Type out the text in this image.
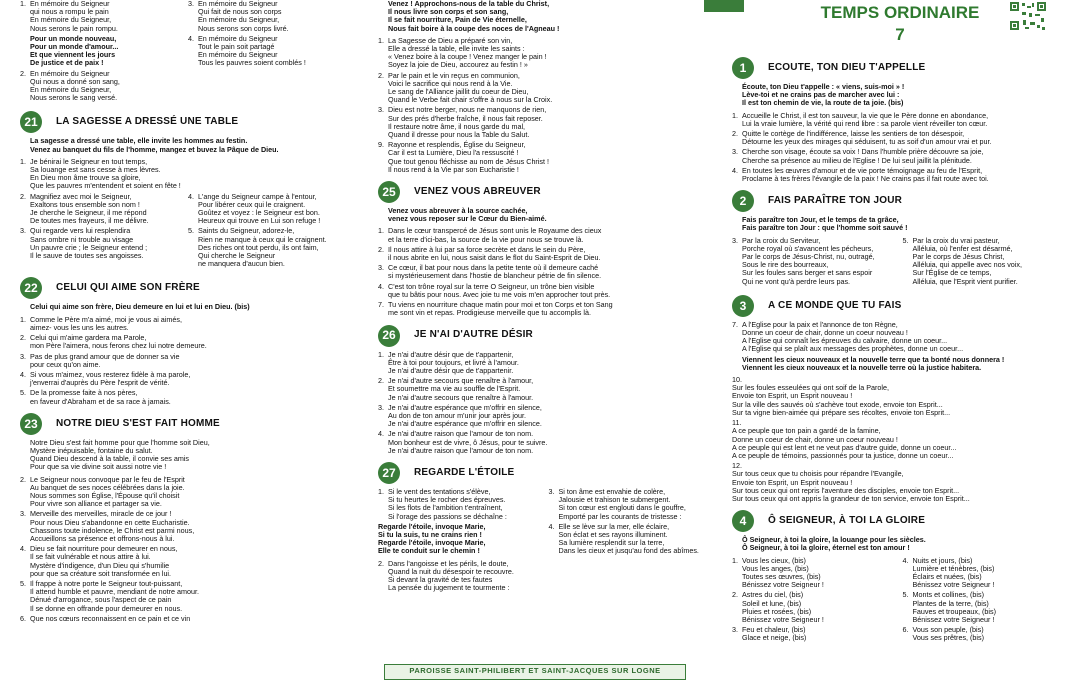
1. En mémoire du Seigneur
qui nous a rompu le pain
En mémoire du Seigneur,
Nous serons le pain rompu.
Pour un monde nouveau,
Pour un monde d'amour...
Et que viennent les jours
De justice et de paix !
2. En mémoire du Seigneur
Qui nous a donné son sang,
En mémoire du Seigneur,
Nous serons le sang versé.
3. En mémoire du Seigneur
Qui fait de nous son corps
En mémoire du Seigneur,
Nous serons son corps livré.
4. En mémoire du Seigneur
Tout le pain soit partagé
En mémoire du Seigneur
Tous les pauvres soient comblés !
21	LA SAGESSE A DRESSÉ UNE TABLE
La sagesse a dressé une table, elle invite les hommes au festin.
Venez au banquet du fils de l'homme, mangez et buvez la Pâque de Dieu.
1. Je bénirai le Seigneur en tout temps,
Sa louange est sans cesse à mes lèvres.
En Dieu mon âme trouve sa gloire,
Que les pauvres m'entendent et soient en fête !
2. Magnifiez avec moi le Seigneur,
Exaltons tous ensemble son nom !
Je cherche le Seigneur, il me répond
De toutes mes frayeurs, il me délivre.
3. Qui regarde vers lui resplendira
Sans ombre ni trouble au visage
Un pauvre crie ; le Seigneur entend ;
Il le sauve de toutes ses angoisses.
4. L'ange du Seigneur campe à l'entour,
Pour libérer ceux qui le craignent.
Goûtez et voyez : le Seigneur est bon.
Heureux qui trouve en Lui son refuge !
5. Saints du Seigneur, adorez-le,
Rien ne manque à ceux qui le craignent.
Des riches ont tout perdu, ils ont faim,
Qui cherche le Seigneur
ne manquera d'aucun bien.
22	CELUI QUI AIME SON FRÈRE
Celui qui aime son frère, Dieu demeure en lui et lui en Dieu. (bis)
1. Comme le Père m'a aimé, moi je vous ai aimés,
aimez- vous les uns les autres.
2. Celui qui m'aime gardera ma Parole,
mon Père l'aimera, nous ferons chez lui notre demeure.
3. Pas de plus grand amour que de donner sa vie
pour ceux qu'on aime.
4. Si vous m'aimez, vous resterez fidèle à ma parole,
j'enverrai d'auprès du Père l'esprit de vérité.
5. De la promesse faite à nos pères,
en faveur d'Abraham et de sa race à jamais.
23	NOTRE DIEU S'EST FAIT HOMME
Notre Dieu s'est fait homme pour que l'homme soit Dieu,
Mystère inépuisable, fontaine du salut.
Quand Dieu descend à la table, il convie ses amis
Pour que sa vie divine soit aussi notre vie !
2. Le Seigneur nous convoque par le feu de l'Esprit
Au banquet de ses noces célébrées dans la joie.
Nous sommes son Église, l'Épouse qu'il choisit
Pour vivre son alliance et partager sa vie.
3. Merveille des merveilles, miracle de ce jour !
Pour nous Dieu s'abandonne en cette Eucharistie.
Chassons toute indolence, le Christ est parmi nous,
Accueillons sa présence et offrons-nous à lui.
4. Dieu se fait nourriture pour demeurer en nous,
Il se fait vulnérable et nous attire à lui.
Mystère d'indigence, d'un Dieu qui s'humilie
pour que sa créature soit transformée en lui.
5. Il frappe à notre porte le Seigneur tout-puissant,
Il attend humble et pauvre, mendiant de notre amour.
Dénué d'arrogance, sous l'aspect de ce pain
Il se donne en offrande pour demeurer en nous.
6. Que nos cœurs reconnaissent en ce pain et ce vin
Venez ! Approchons-nous de la table du Christ,
Il nous livre son corps et son sang,
Il se fait nourriture, Pain de Vie éternelle,
Nous fait boire à la coupe des noces de l'Agneau !
1. La Sagesse de Dieu a préparé son vin,
Elle a dressé la table, elle invite les saints :
« Venez boire à la coupe ! Venez manger le pain !
Soyez la joie de Dieu, accourez au festin ! »
2. Par le pain et le vin reçus en communion,
Voici le sacrifice qui nous rend à la Vie.
Le sang de l'Alliance jaillit du coeur de Dieu,
Quand le Verbe fait chair s'offre à nous sur la Croix.
3. Dieu est notre berger, nous ne manquons de rien,
Sur des prés d'herbe fraîche, il nous fait reposer.
Il restaure notre âme, il nous garde du mal,
Quand il dresse pour nous la Table du Salut.
9. Rayonne et resplendis, Église du Seigneur,
Car il est ta Lumière, Dieu l'a ressuscité !
Que tout genou fléchisse au nom de Jésus Christ !
Il nous rend à la Vie par son Eucharistie !
25	VENEZ VOUS ABREUVER
Venez vous abreuver à la source cachée,
venez vous reposer sur le Cœur du Bien-aimé.
1. Dans le cœur transpercé de Jésus sont unis le Royaume des cieux
et la terre d'ici-bas, la source de la vie pour nous se trouve là.
2. Il nous attire à lui par sa force secrète et dans le sein du Père,
il nous abrite en lui, nous saisit dans le flot du Saint-Esprit de Dieu.
3. Ce cœur, il bat pour nous dans la petite tente où il demeure caché
si mystérieusement dans l'hostie de blancheur pétrie de fin silence.
4. C'est ton trône royal sur la terre O Seigneur, un trône bien visible
que tu bâtis pour nous. Avec joie tu me vois m'en approcher tout près.
7. Tu viens en nourriture chaque matin pour moi et ton Corps et ton Sang
me sont vin et repas. Prodigieuse merveille que tu accomplis là.
26	JE N'AI D'AUTRE DÉSIR
1. Je n'ai d'autre désir que de t'appartenir,
Être à toi pour toujours, et livré à l'amour.
Je n'ai d'autre désir que de t'appartenir.
2. Je n'ai d'autre secours que renaître à l'amour,
Et soumettre ma vie au souffle de l'Esprit.
Je n'ai d'autre secours que renaître à l'amour.
3. Je n'ai d'autre espérance que m'offrir en silence,
Au don de ton amour m'unir jour après jour.
Je n'ai d'autre espérance que m'offrir en silence.
4. Je n'ai d'autre raison que l'amour de ton nom.
Mon bonheur est de vivre, ô Jésus, pour te suivre.
Je n'ai d'autre raison que l'amour de ton nom.
27	REGARDE L'ÉTOILE
1. Si le vent des tentations s'élève,
Si tu heurtes le rocher des épreuves.
Si les flots de l'ambition t'entraînent,
Si l'orage des passions se déchaîne :
Regarde l'étoile, invoque Marie,
Si tu la suis, tu ne crains rien !
Regarde l'étoile, invoque Marie,
Elle te conduit sur le chemin !
2. Dans l'angoisse et les périls, le doute,
Quand la nuit du désespoir te recouvre.
Si devant la gravité de tes fautes
La pensée du jugement te tourmente :
3. Si ton âme est envahie de colère,
Jalousie et trahison te submergent.
Si ton cœur est englouti dans le gouffre,
Emporté par les courants de tristesse :
4. Elle se lève sur la mer, elle éclaire,
Son éclat et ses rayons illuminent.
Sa lumière resplendit sur la terre,
Dans les cieux et jusqu'au fond des abîmes.
PAROISSE SAINT-PHILIBERT ET SAINT-JACQUES SUR LOGNE
TEMPS ORDINAIRE
7
1	ECOUTE, TON DIEU T'APPELLE
Écoute, ton Dieu t'appelle : « viens, suis-moi » !
Lève-toi et ne crains pas de marcher avec lui :
Il est ton chemin de vie, la route de ta joie. (bis)
1. Accueille le Christ, il est ton sauveur, la vie que le Père donne en abondance,
Lui la vraie lumière, la vérité qui rend libre : sa parole vient réveiller ton cœur.
2. Quitte le cortège de l'indifférence, laisse les sentiers de ton désespoir,
Détourne les yeux des mirages qui séduisent, tu as soif d'un amour vrai et pur.
3. Cherche son visage, écoute sa voix ! Dans l'humble prière découvre sa joie,
Cherche sa présence au milieu de l'Eglise ! De lui seul jaillit la plénitude.
4. En toutes les œuvres d'amour et de vie porte témoignage au feu de l'Esprit,
Proclame à tes frères l'évangile de la paix ! Ne crains pas il fait route avec toi.
2	FAIS PARAÎTRE TON JOUR
Fais paraître ton Jour, et le temps de ta grâce,
Fais paraître ton Jour : que l'homme soit sauvé !
3. Par la croix du Serviteur,
Porche royal où s'avancent les pécheurs,
Par le corps de Jésus-Christ, nu, outragé,
Sous le rire des bourreaux,
Sur les foules sans berger et sans espoir
Qui ne vont qu'à perdre leurs pas.
5. Par la croix du vrai pasteur,
Alléluia, où l'enfer est désarmé,
Par le corps de Jésus Christ,
Alléluia, qui appelle avec nos voix,
Sur l'Église de ce temps,
Alléluia, que l'Esprit vient purifier.
3	A CE MONDE QUE TU FAIS
7. A l'Eglise pour la paix et l'annonce de ton Règne,
Donne un coeur de chair, donne un coeur nouveau !
A l'Eglise qui connaît les épreuves du calvaire, donne un coeur...
A l'Eglise qui se plaît aux messages des prophètes, donne un coeur...
Viennent les cieux nouveaux et la nouvelle terre que ta bonté nous donnera !
Viennent les cieux nouveaux et la nouvelle terre où la justice habitera.
10.Sur les foules esseulées qui ont soif de la Parole,
Envoie ton Esprit, un Esprit nouveau !
Sur la ville des sauvés où s'achève tout exode, envoie ton Esprit...
Sur ta vigne bien-aimée qui prépare ses récoltes, envoie ton Esprit...
11.A ce peuple que ton pain a gardé de la famine,
Donne un coeur de chair, donne un coeur nouveau !
A ce peuple qui est lent et ne veut pas d'autre guide, donne un coeur...
A ce peuple de témoins, passionnés pour ta justice, donne un coeur...
12.Sur tous ceux que tu choisis pour répandre l'Evangile,
Envoie ton Esprit, un Esprit nouveau !
Sur tous ceux qui ont repris l'aventure des disciples, envoie ton Esprit...
Sur tous ceux qui ont appris la grandeur de ton service, envoie ton Esprit...
4	Ô SEIGNEUR, À TOI LA GLOIRE
Ô Seigneur, à toi la gloire, la louange pour les siècles.
Ô Seigneur, à toi la gloire, éternel est ton amour !
1. Vous les cieux, (bis)
Vous les anges, (bis)
Toutes ses œuvres, (bis)
Bénissez votre Seigneur !
2. Astres du ciel, (bis)
Soleil et lune, (bis)
Pluies et rosées, (bis)
Bénissez votre Seigneur !
3. Feu et chaleur, (bis)
Glace et neige, (bis)
4. Nuits et jours, (bis)
Lumière et ténèbres, (bis)
Éclairs et nuées, (bis)
Bénissez votre Seigneur !
5. Monts et collines, (bis)
Plantes de la terre, (bis)
Fauves et troupeaux, (bis)
Bénissez votre Seigneur !
6. Vous son peuple, (bis)
Vous ses prêtres, (bis)
